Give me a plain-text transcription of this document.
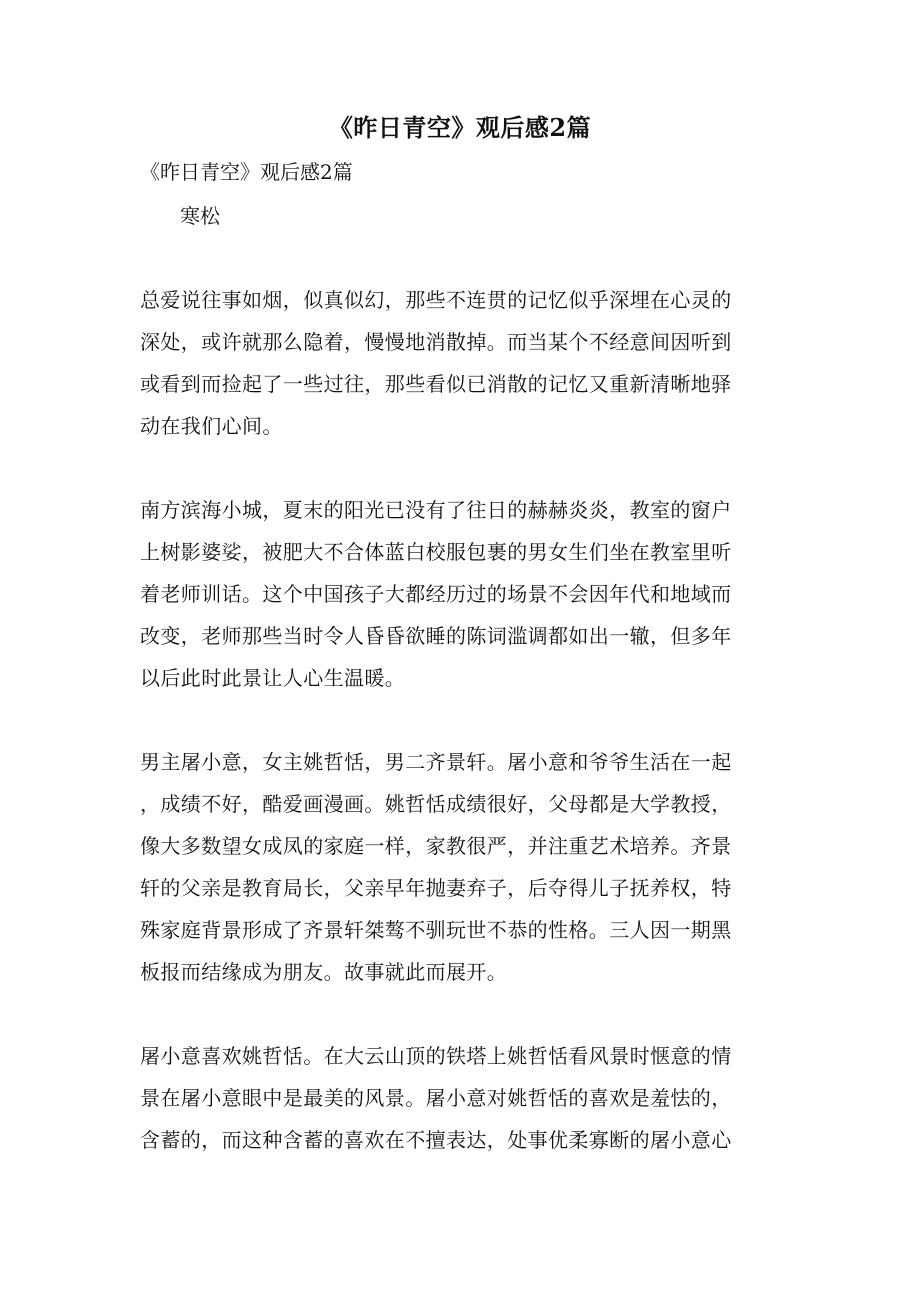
《昨日青空》观后感2篇
《昨日青空》观后感2篇
寒松

总爱说往事如烟，似真似幻，那些不连贯的记忆似乎深埋在心灵的
深处，或许就那么隐着，慢慢地消散掉。而当某个不经意间因听到
或看到而捡起了一些过往，那些看似已消散的记忆又重新清晰地驿
动在我们心间。

南方滨海小城，夏末的阳光已没有了往日的赫赫炎炎，教室的窗户
上树影婆娑，被肥大不合体蓝白校服包裹的男女生们坐在教室里听
着老师训话。这个中国孩子大都经历过的场景不会因年代和地域而
改变，老师那些当时令人昏昏欲睡的陈词滥调都如出一辙，但多年
以后此时此景让人心生温暖。

男主屠小意，女主姚哲恬，男二齐景轩。屠小意和爷爷生活在一起
，成绩不好，酷爱画漫画。姚哲恬成绩很好，父母都是大学教授，
像大多数望女成凤的家庭一样，家教很严，并注重艺术培养。齐景
轩的父亲是教育局长，父亲早年抛妻弃子，后夺得儿子抚养权，特
殊家庭背景形成了齐景轩桀骜不驯玩世不恭的性格。三人因一期黑
板报而结缘成为朋友。故事就此而展开。

屠小意喜欢姚哲恬。在大云山顶的铁塔上姚哲恬看风景时惬意的情
景在屠小意眼中是最美的风景。屠小意对姚哲恬的喜欢是羞怯的，
含蓄的，而这种含蓄的喜欢在不擅表达，处事优柔寡断的屠小意心
